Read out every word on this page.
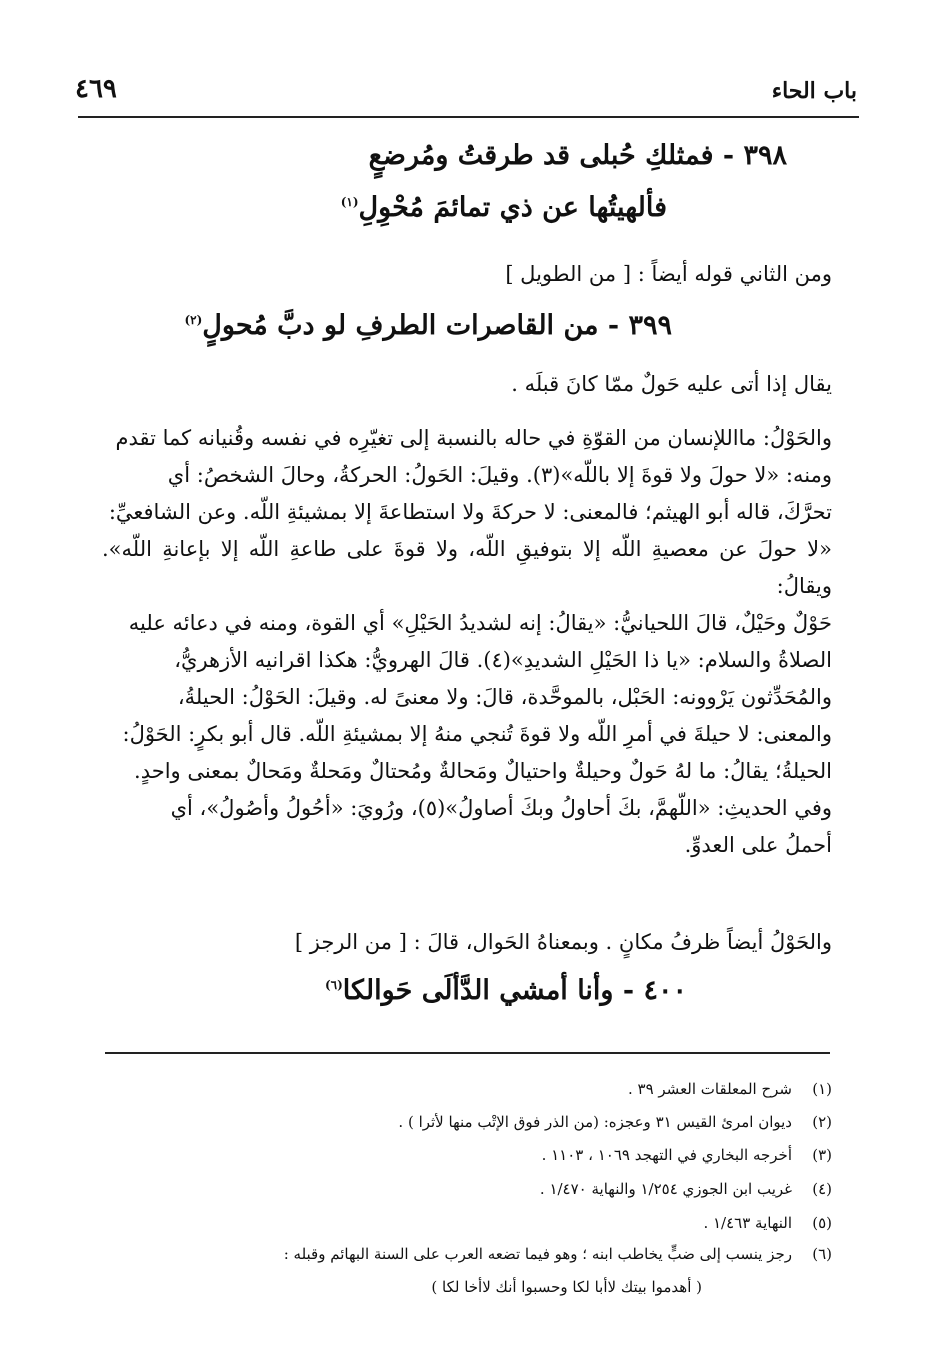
باب الحاء
٤٦٩
٣٩٨ - فمثلكِ حُبلى قد طرقتُ ومُرضعٍ
فألهيتُها عن ذي تمائمَ مُحْوِلِ$^{(١)}$
ومن الثاني قوله أيضاً : [ من الطويل ]
٣٩٩ - من القاصرات الطرفِ لو دبَّ مُحولٍ$^{(٢)}$
يقال إذا أتى عليه حَولٌ ممّا كانَ قبلَه .

والحَوْلُ: مااللإنسان من القوّةِ في حاله بالنسبة إلى تغيّرِه في نفسه وقُنيانه كما تقدم

ومنه: «لا حولَ ولا قوةَ إلا باللّه»(٣). وقيلَ: الحَولُ: الحركةُ، وحالَ الشخصُ: أي

تحرَّكَ، قاله أبو الهيثم؛ فالمعنى: لا حركةَ ولا استطاعةَ إلا بمشيئةِ اللّه. وعن الشافعيِّ:

«لا حولَ عن معصيةِ اللّه إلا بتوفيقِ اللّه، ولا قوةَ على طاعةِ اللّه إلا بإعانةِ اللّه». ويقالُ:

حَوْلٌ وحَيْلٌ، قالَ اللحيانيُّ: «يقالُ: إنه لشديدُ الحَيْلِ» أي القوة، ومنه في دعائه عليه

الصلاةُ والسلام: «يا ذا الحَيْلِ الشديدِ»(٤). قالَ الهرويُّ: هكذا اقرانيه الأزهريُّ،

والمُحَدِّثون يَرْوونه: الحَبْل، بالموحَّدة، قالَ: ولا معنىً له. وقيلَ: الحَوْلُ: الحيلةُ،

والمعنى: لا حيلةَ في أمرِ اللّه ولا قوةَ تُنجي منهُ إلا بمشيئةِ اللّه. قال أبو بكرٍ: الحَوْلُ:

الحيلةُ؛ يقالُ: ما لهُ حَولٌ وحيلةٌ واحتيالٌ ومَحالةٌ ومُحتالٌ ومَحلةٌ ومَحالٌ بمعنى واحدٍ.

وفي الحديثِ: «اللّهمَّ، بكَ أحاولُ وبكَ أصاولُ»(٥)، ورُويَ: «أحُولُ وأصُولُ»، أي

أحملُ على العدوِّ.

والحَوْلُ أيضاً ظرفُ مكانٍ . وبمعناهُ الحَوال، قالَ : [ من الرجز ]
٤٠٠ - وأنا أمشي الدَّألَى حَوالكا$^{(٦)}$
(١)شرح المعلقات العشر ٣٩ .
(٢)ديوان امرئ القيس ٣١ وعجزه: (من الذر فوق الإتْب منها لأثرا ) .
(٣)أخرجه البخاري في التهجد ١٠٦٩ ، ١١٠٣ .
(٤)غريب ابن الجوزي ١/٢٥٤ والنهاية ١/٤٧٠ .
(٥)النهاية ١/٤٦٣ .
(٦)رجز ينسب إلى ضبٍّ يخاطب ابنه ؛ وهو فيما تضعه العرب على السنة البهائم وقبله :
( أهدموا بيتك لاأبا لكا وحسبوا أنك لاأخا لكا )
